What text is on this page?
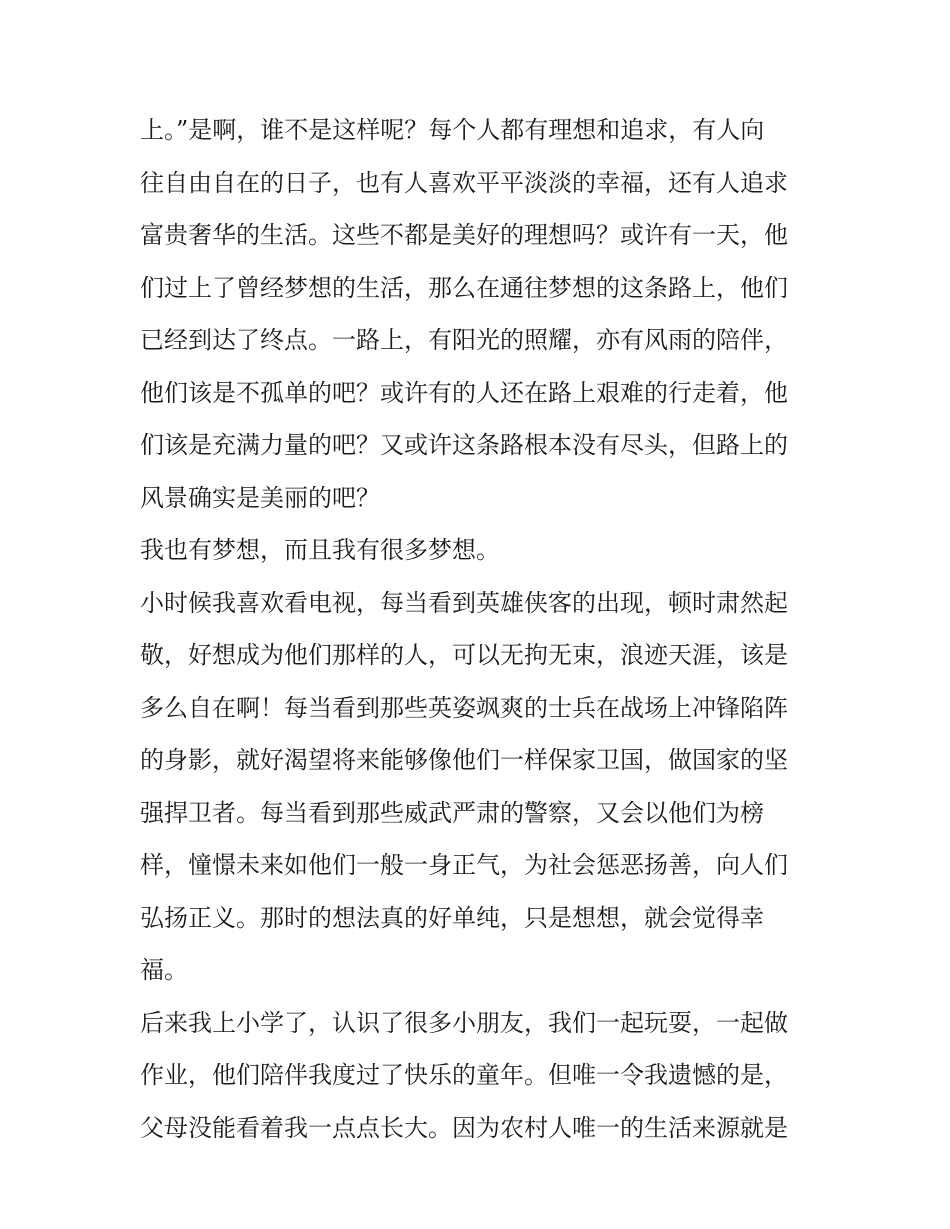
上。”是啊，谁不是这样呢？每个人都有理想和追求，有人向
往自由自在的日子，也有人喜欢平平淡淡的幸福，还有人追求
富贵奢华的生活。这些不都是美好的理想吗？或许有一天，他
们过上了曾经梦想的生活，那么在通往梦想的这条路上，他们
已经到达了终点。一路上，有阳光的照耀，亦有风雨的陪伴，
他们该是不孤单的吧？或许有的人还在路上艰难的行走着，他
们该是充满力量的吧？又或许这条路根本没有尽头，但路上的
风景确实是美丽的吧？
我也有梦想，而且我有很多梦想。
小时候我喜欢看电视，每当看到英雄侠客的出现，顿时肃然起
敬，好想成为他们那样的人，可以无拘无束，浪迹天涯，该是
多么自在啊！每当看到那些英姿飒爽的士兵在战场上冲锋陷阵
的身影，就好渴望将来能够像他们一样保家卫国，做国家的坚
强捍卫者。每当看到那些威武严肃的警察，又会以他们为榜
样，憧憬未来如他们一般一身正气，为社会惩恶扬善，向人们
弘扬正义。那时的想法真的好单纯，只是想想，就会觉得幸
福。
后来我上小学了，认识了很多小朋友，我们一起玩耍，一起做
作业，他们陪伴我度过了快乐的童年。但唯一令我遗憾的是，
父母没能看着我一点点长大。因为农村人唯一的生活来源就是
